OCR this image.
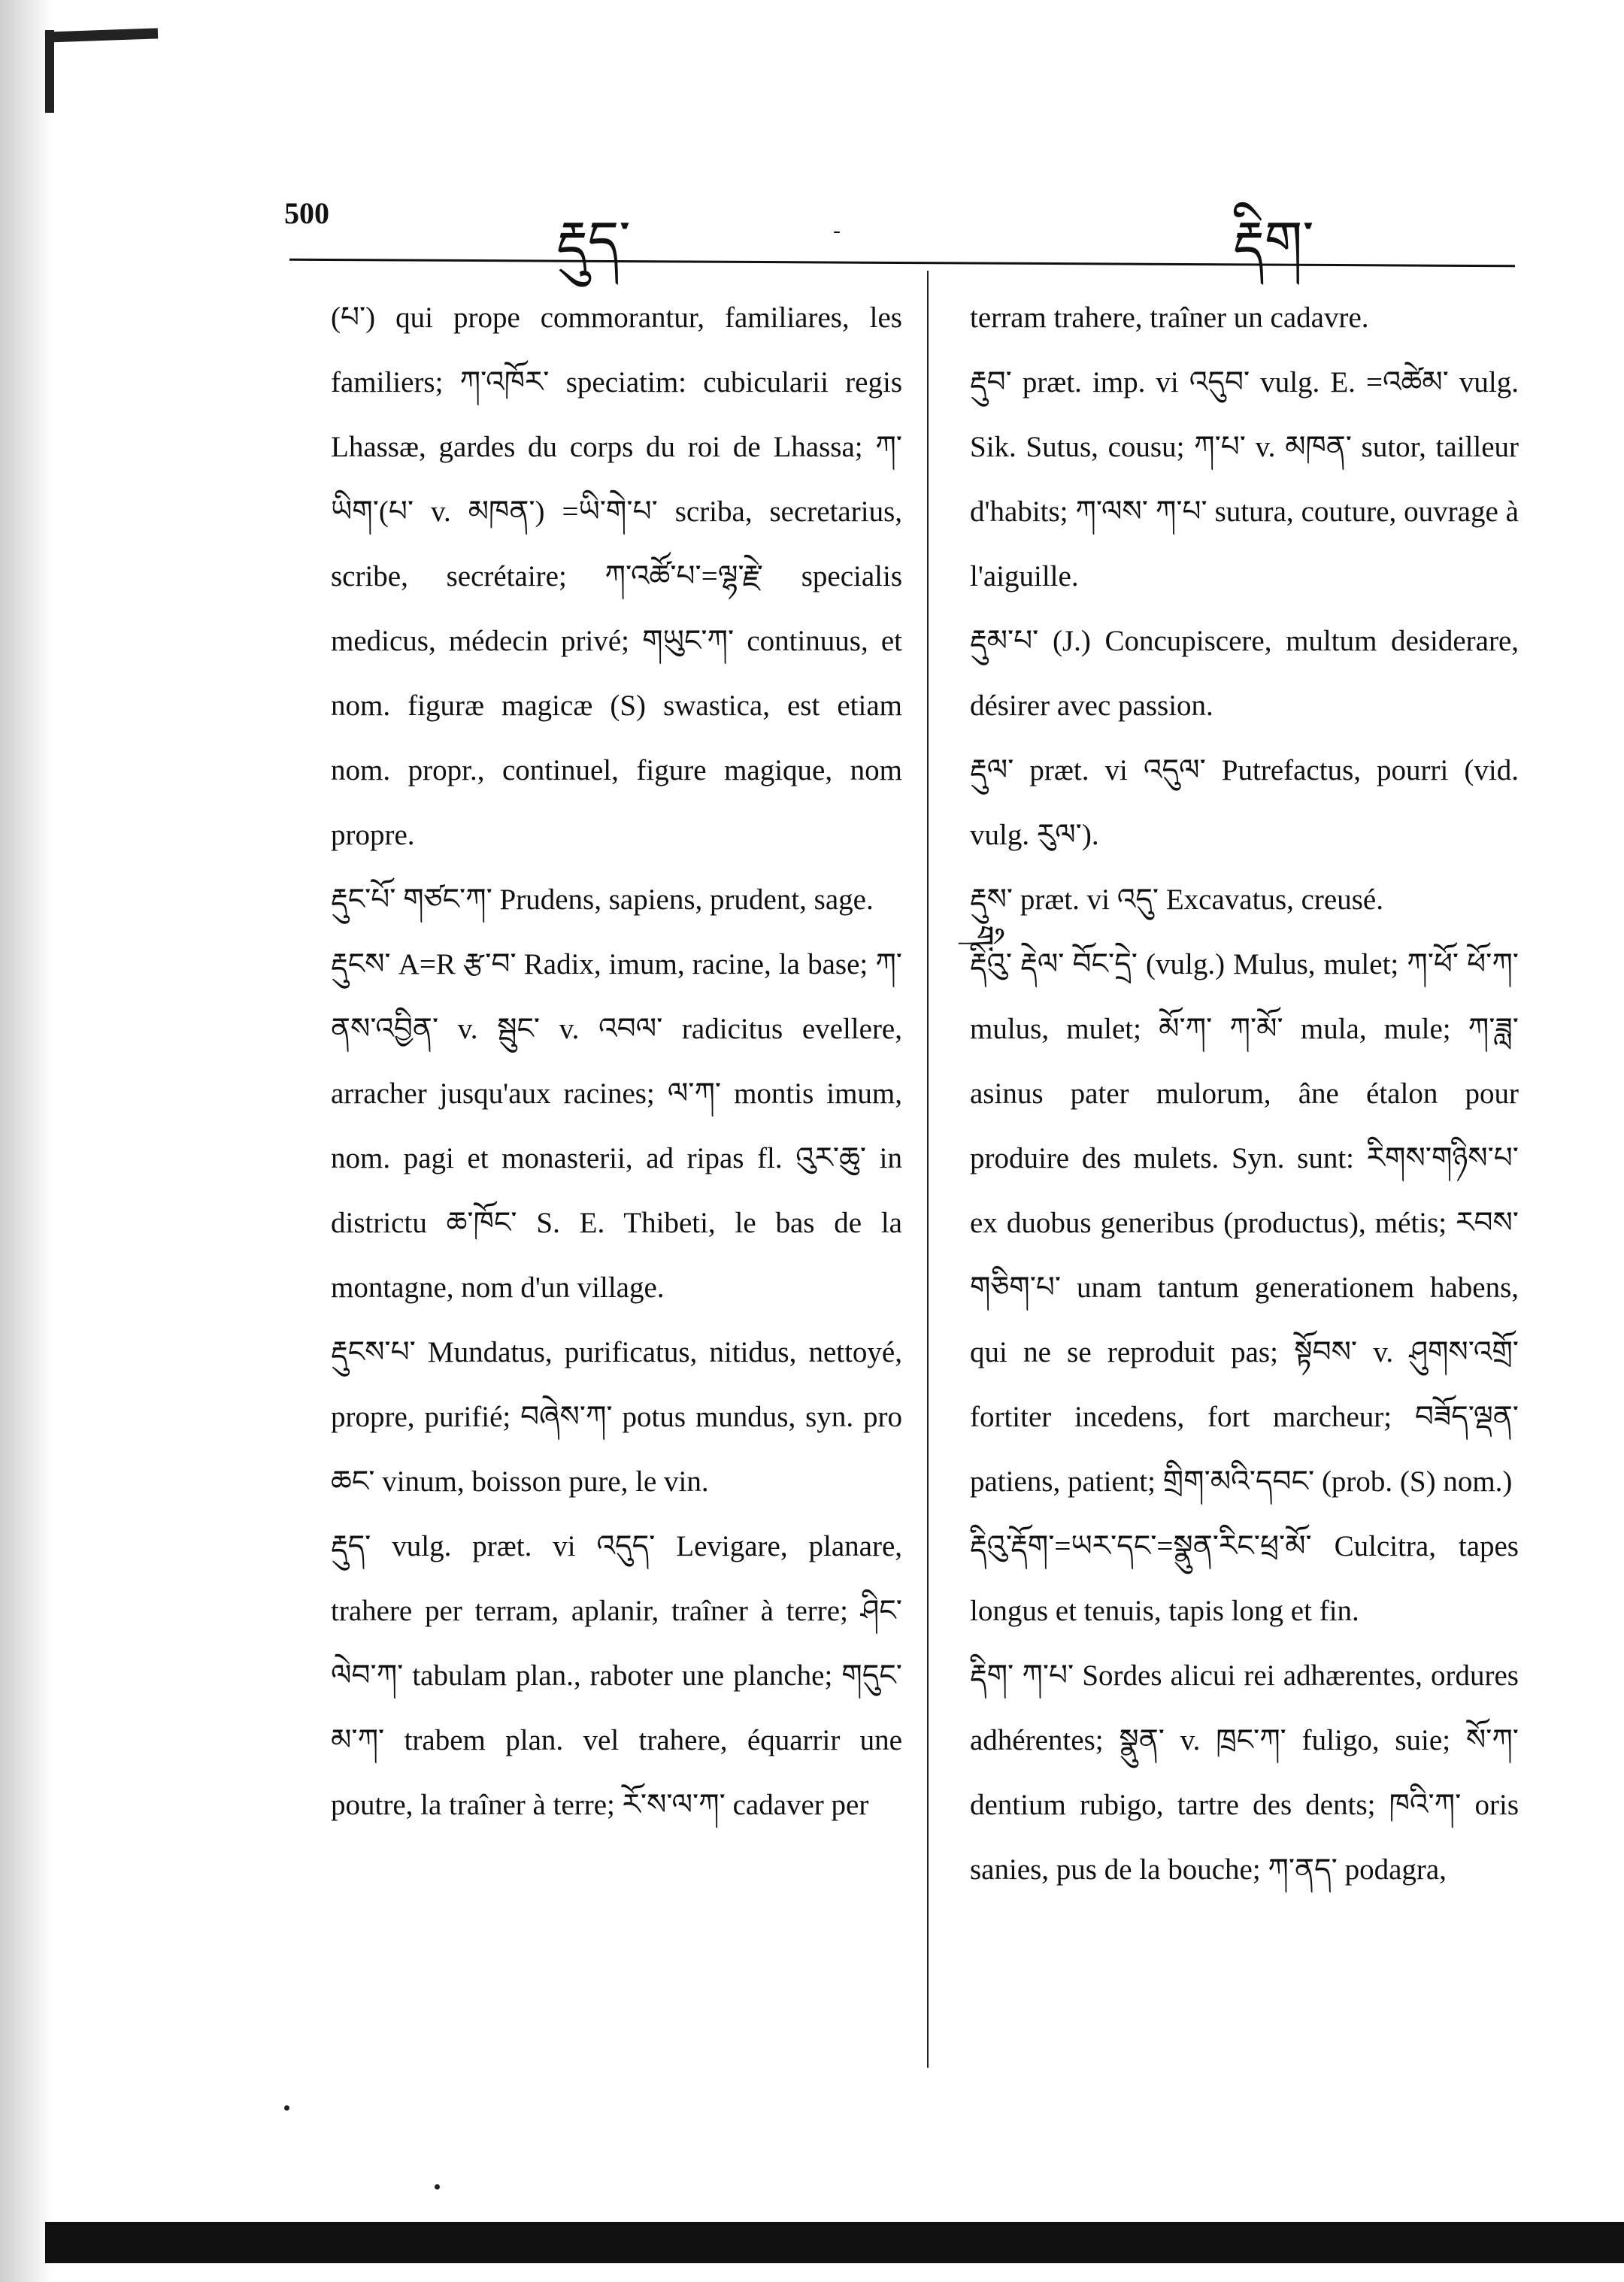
500	རྡུད་	-	རྡིག་

(པ་) qui prope commorantur, familiares, les familiers; ཀ་འཁོར་ speciatim: cubicularii regis Lhassæ, gardes du corps du roi de Lhassa; ཀ་ཡིག་(པ་ v. མཁན་) =ཡི་གེ་པ་ scriba, secretarius, scribe, secrétaire; ཀ་འཚོ་པ་=ལྷ་རྗེ་ specialis medicus, médecin privé; གཡུང་ཀ་ continuus, et nom. figuræ magicæ (S) swastica, est etiam nom. propr., continuel, figure magique, nom propre.

རྡུང་པོ་ གཙང་ཀ་ Prudens, sapiens, prudent, sage.

རྡུངས་ A=R རྩ་བ་ Radix, imum, racine, la base; ཀ་ནས་འབྱིན་ v. སྦུང་ v. འབལ་ radicitus evellere, arracher jusqu'aux racines; ལ་ཀ་ montis imum, nom. pagi et monasterii, ad ripas fl. འུར་ཆུ་ in districtu ཆ་ཁོང་ S. E. Thibeti, le bas de la montagne, nom d'un village.

རྡུངས་པ་ Mundatus, purificatus, nitidus, nettoyé, propre, purifié; བཞེས་ཀ་ potus mundus, syn. pro ཆང་ vinum, boisson pure, le vin.

རྡུད་ vulg. præt. vi འདུད་ Levigare, planare, trahere per terram, aplanir, traîner à terre; ཤིང་ལེབ་ཀ་ tabulam plan., raboter une planche; གདུང་མ་ཀ་ trabem plan. vel trahere, équarrir une poutre, la traîner à terre; རོ་ས་ལ་ཀ་ cadaver per

terram trahere, traîner un cadavre.

རྡུབ་ præt. imp. vi འདུབ་ vulg. E. =འཚེམ་ vulg. Sik. Sutus, cousu; ཀ་པ་ v. མཁན་ sutor, tailleur d'habits; ཀ་ལས་ ཀ་པ་ sutura, couture, ouvrage à l'aiguille.

རྡུམ་པ་ (J.) Concupiscere, multum desiderare, désirer avec passion.

རྡུལ་ præt. vi འདུལ་ Putrefactus, pourri (vid. vulg. རུལ་).

རྡུས་ præt. vi འདུ་ Excavatus, creusé.

རྡིའུ་ རྡེལ་ བོང་དྲེ་ (vulg.) Mulus, mulet; ཀ་ཕོ་ ཕོ་ཀ་ mulus, mulet; མོ་ཀ་ ཀ་མོ་ mula, mule; ཀ་ཟླ་ asinus pater mulorum, âne étalon pour produire des mulets. Syn. sunt: རིགས་གཉིས་པ་ ex duobus generibus (productus), métis; རབས་གཅིག་པ་ unam tantum generationem habens, qui ne se reproduit pas; སྟོབས་ v. ཤུགས་འགྲོ་ fortiter incedens, fort marcheur; བཟོད་ལྡན་ patiens, patient; གྲིག་མའི་དབང་ (prob. (S) nom.)

རྡིའུ་རྡོག་=ཡར་དང་=སྣུན་རིང་ཕྲ་མོ་ Culcitra, tapes longus et tenuis, tapis long et fin.

རྡིག་ ཀ་པ་ Sordes alicui rei adhærentes, ordures adhérentes; སྣུན་ v. ཁྲང་ཀ་ fuligo, suie; སོ་ཀ་ dentium rubigo, tartre des dents; ཁའི་ཀ་ oris sanies, pus de la bouche; ཀ་ནད་ podagra,

གི་
